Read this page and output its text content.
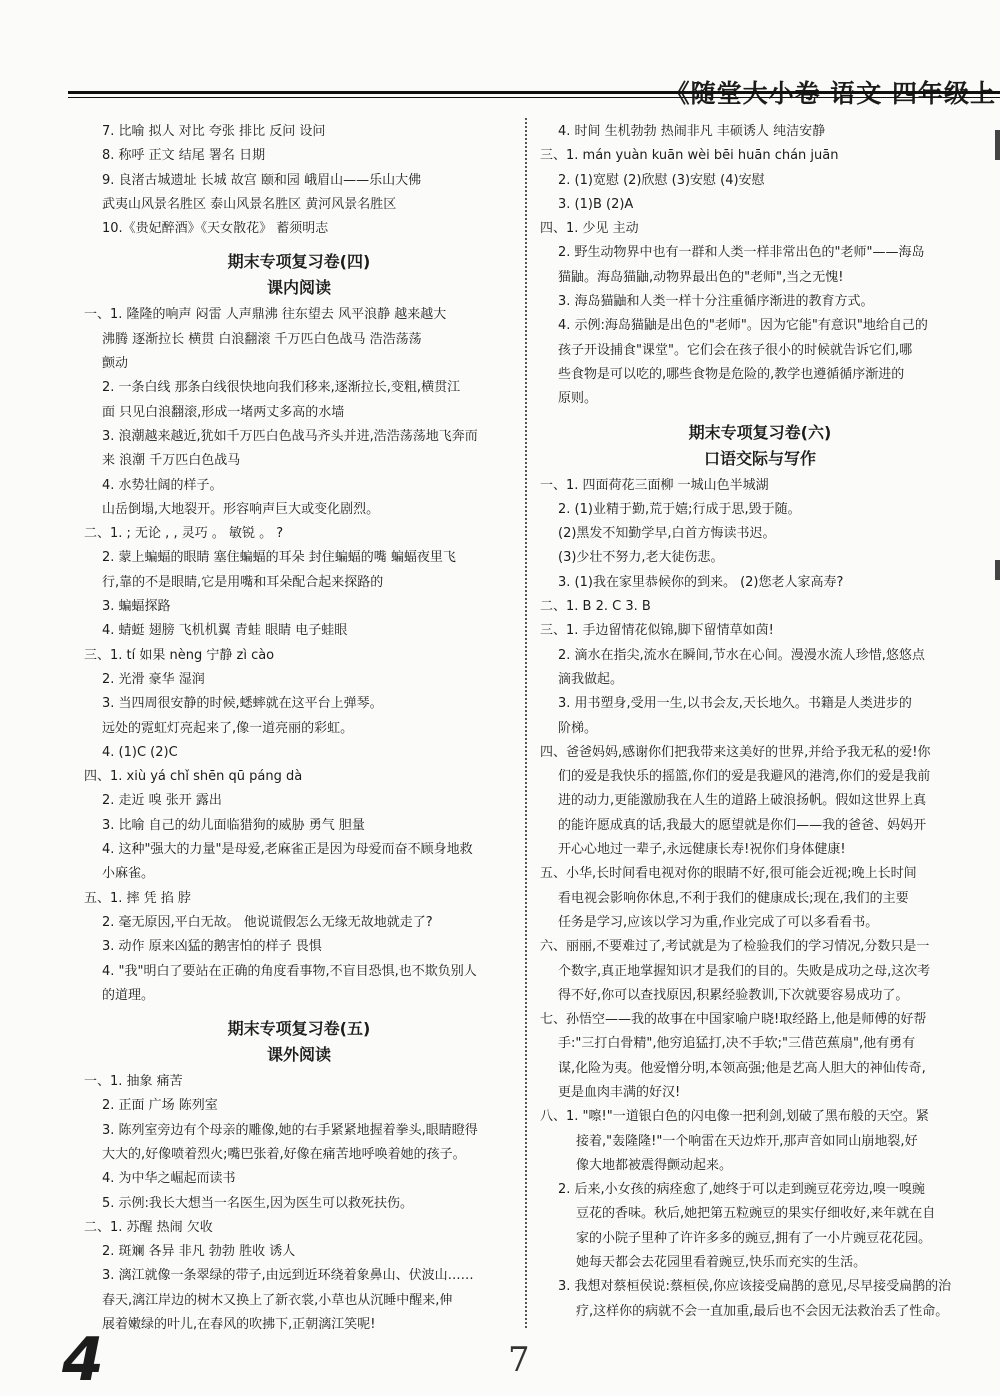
7. 比喻 拟人 对比 夸张 排比 反问 设问
8. 称呼 正文 结尾 署名 日期
9. 良渚古城遗址 长城 故宫 颐和园 峨眉山——乐山大佛
武夷山风景名胜区 泰山风景名胜区 黄河风景名胜区
10.《贵妃醉酒》《天女散花》 蓄须明志
期末专项复习卷(四)
课内阅读
一、1. 隆隆的响声 闷雷 人声鼎沸 往东望去 风平浪静 越来越大
沸腾 逐渐拉长 横贯 白浪翻滚 千万匹白色战马 浩浩荡荡
颤动
2. 一条白线 那条白线很快地向我们移来,逐渐拉长,变粗,横贯江
面 只见白浪翻滚,形成一堵两丈多高的水墙
3. 浪潮越来越近,犹如千万匹白色战马齐头并进,浩浩荡荡地飞奔而
来 浪潮 千万匹白色战马
4. 水势壮阔的样子。
山岳倒塌,大地裂开。形容响声巨大或变化剧烈。
二、1. ; 无论 , , 灵巧 。 敏锐 。 ?
2. 蒙上蝙蝠的眼睛 塞住蝙蝠的耳朵 封住蝙蝠的嘴 蝙蝠夜里飞
行,靠的不是眼睛,它是用嘴和耳朵配合起来探路的
3. 蝙蝠探路
4. 蜻蜓 翅膀 飞机机翼 青蛙 眼睛 电子蛙眼
三、1. tí 如果 nèng 宁静 zì cào
2. 光滑 豪华 湿润
3. 当四周很安静的时候,蟋蟀就在这平台上弹琴。
远处的霓虹灯亮起来了,像一道亮丽的彩虹。
4. (1)C (2)C
四、1. xiù yá chǐ shēn qū páng dà
2. 走近 嗅 张开 露出
3. 比喻 自己的幼儿面临猎狗的威胁 勇气 胆量
4. 这种"强大的力量"是母爱,老麻雀正是因为母爱而奋不顾身地救
小麻雀。
五、1. 摔 凭 掐 脖
2. 毫无原因,平白无故。 他说谎假怎么无缘无故地就走了?
3. 动作 原来凶猛的鹅害怕的样子 畏惧
4. "我"明白了要站在正确的角度看事物,不盲目恐惧,也不欺负别人
的道理。
期末专项复习卷(五)
课外阅读
一、1. 抽象 痛苦
2. 正面 广场 陈列室
3. 陈列室旁边有个母亲的雕像,她的右手紧紧地握着拳头,眼睛瞪得
大大的,好像喷着烈火;嘴巴张着,好像在痛苦地呼唤着她的孩子。
4. 为中华之崛起而读书
5. 示例:我长大想当一名医生,因为医生可以救死扶伤。
二、1. 苏醒 热闹 欠收
2. 斑斓 各异 非凡 勃勃 胜收 诱人
3. 漓江就像一条翠绿的带子,由远到近环绕着象鼻山、伏波山……
春天,漓江岸边的树木又换上了新衣裳,小草也从沉睡中醒来,伸
展着嫩绿的叶儿,在春风的吹拂下,正朝漓江笑呢!
4. 时间 生机勃勃 热闹非凡 丰硕诱人 纯洁安静
三、1. mán yuàn kuān wèi bēi huān chán juān
2. (1)宽慰 (2)欣慰 (3)安慰 (4)安慰
3. (1)B (2)A
四、1. 少见 主动
2. 野生动物界中也有一群和人类一样非常出色的"老师"——海岛
猫鼬。海岛猫鼬,动物界最出色的"老师",当之无愧!
3. 海岛猫鼬和人类一样十分注重循序渐进的教育方式。
4. 示例:海岛猫鼬是出色的"老师"。因为它能"有意识"地给自己的
孩子开设捕食"课堂"。它们会在孩子很小的时候就告诉它们,哪
些食物是可以吃的,哪些食物是危险的,教学也遵循循序渐进的
原则。
期末专项复习卷(六)
口语交际与写作
一、1. 四面荷花三面柳 一城山色半城湖
2. (1)业精于勤,荒于嬉;行成于思,毁于随。
(2)黑发不知勤学早,白首方悔读书迟。
(3)少壮不努力,老大徒伤悲。
3. (1)我在家里恭候你的到来。 (2)您老人家高寿?
二、1. B 2. C 3. B
三、1. 手边留情花似锦,脚下留情草如茵!
2. 滴水在指尖,流水在瞬间,节水在心间。漫漫水流人珍惜,悠悠点
滴我做起。
3. 用书塑身,受用一生,以书会友,天长地久。书籍是人类进步的
阶梯。
四、爸爸妈妈,感谢你们把我带来这美好的世界,并给予我无私的爱!你
们的爱是我快乐的摇篮,你们的爱是我避风的港湾,你们的爱是我前
进的动力,更能激励我在人生的道路上破浪扬帆。假如这世界上真
的能许愿成真的话,我最大的愿望就是你们——我的爸爸、妈妈开
开心心地过一辈子,永远健康长寿!祝你们身体健康!
五、小华,长时间看电视对你的眼睛不好,很可能会近视;晚上长时间
看电视会影响你休息,不利于我们的健康成长;现在,我们的主要
任务是学习,应该以学习为重,作业完成了可以多看看书。
六、丽丽,不要难过了,考试就是为了检验我们的学习情况,分数只是一
个数字,真正地掌握知识才是我们的目的。失败是成功之母,这次考
得不好,你可以查找原因,积累经验教训,下次就要容易成功了。
七、孙悟空——我的故事在中国家喻户晓!取经路上,他是师傅的好帮
手:"三打白骨精",他穷追猛打,决不手软;"三借芭蕉扇",他有勇有
谋,化险为夷。他爱憎分明,本领高强;他是艺高人胆大的神仙传奇,
更是血肉丰满的好汉!
八、1. "嚓!"一道银白色的闪电像一把利剑,划破了黑布般的天空。紧
接着,"轰隆隆!"一个响雷在天边炸开,那声音如同山崩地裂,好
像大地都被震得颤动起来。
2. 后来,小女孩的病痊愈了,她终于可以走到豌豆花旁边,嗅一嗅豌
豆花的香味。秋后,她把第五粒豌豆的果实仔细收好,来年就在自
家的小院子里种了许许多多的豌豆,拥有了一小片豌豆花花园。
她每天都会去花园里看着豌豆,快乐而充实的生活。
3. 我想对蔡桓侯说:蔡桓侯,你应该接受扁鹊的意见,尽早接受扁鹊的治
疗,这样你的病就不会一直加重,最后也不会因无法救治丢了性命。
4	7
